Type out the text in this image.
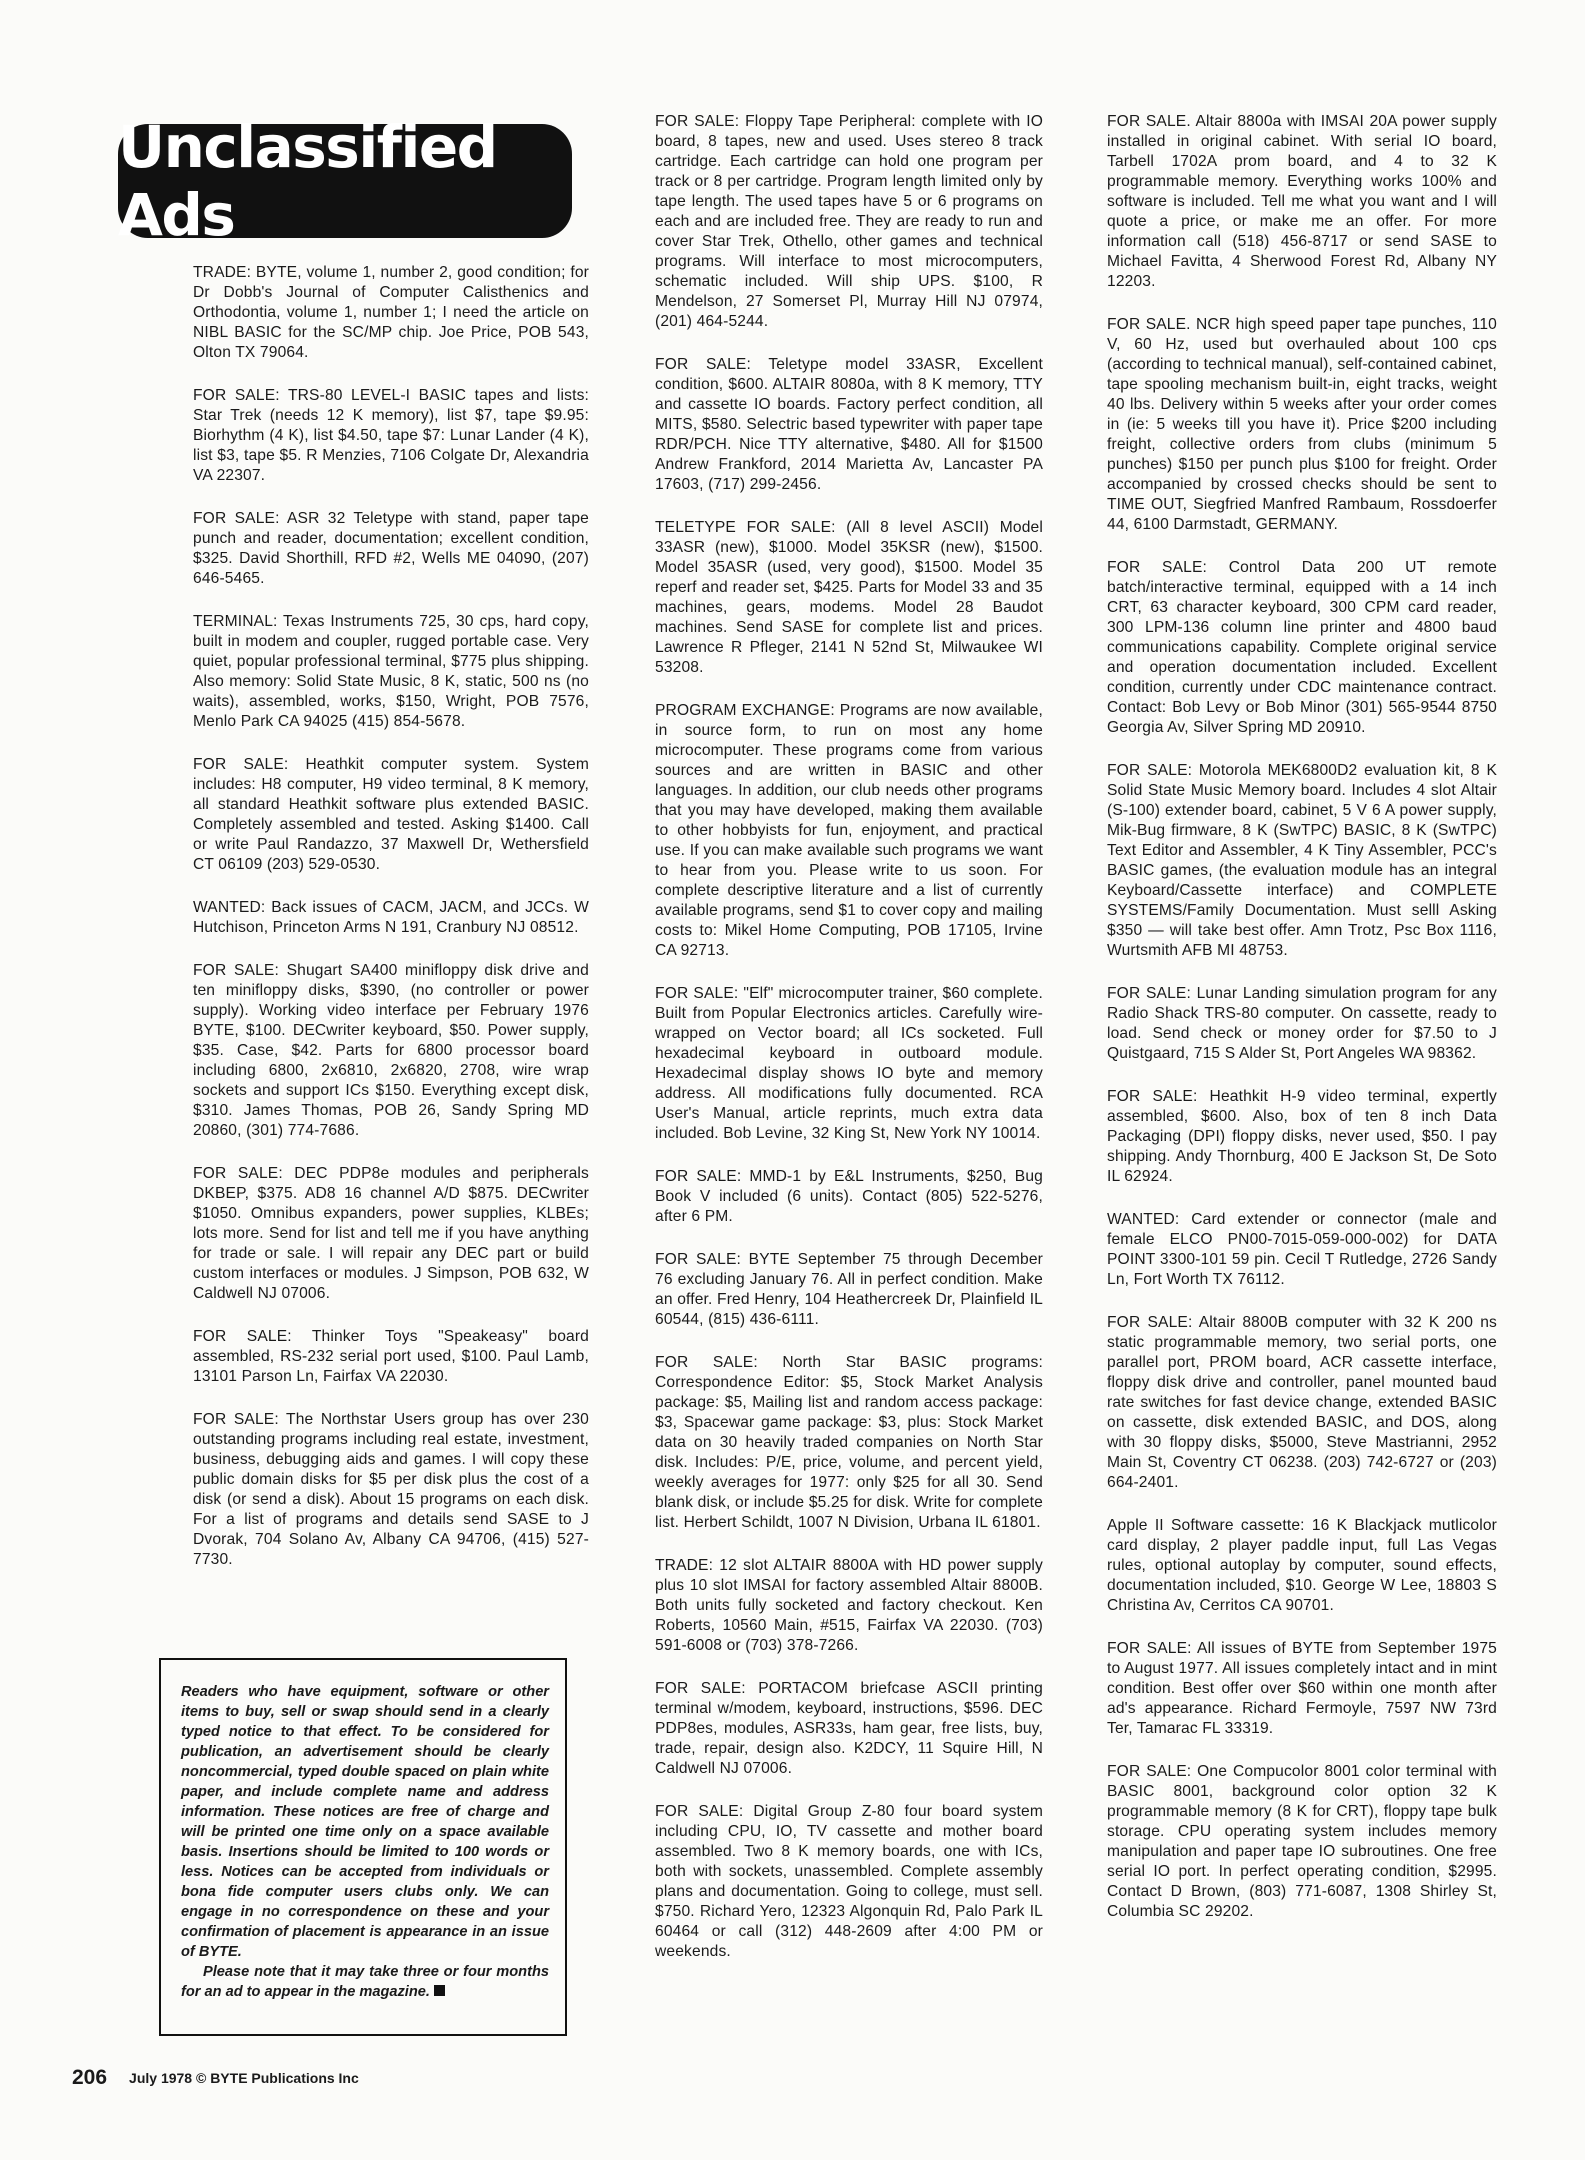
Unclassified Ads

TRADE: BYTE, volume 1, number 2, good condition; for Dr Dobb's Journal of Computer Calisthenics and Orthodontia, volume 1, number 1; I need the article on NIBL BASIC for the SC/MP chip. Joe Price, POB 543, Olton TX 79064.

FOR SALE: TRS-80 LEVEL-I BASIC tapes and lists: Star Trek (needs 12 K memory), list $7, tape $9.95: Biorhythm (4 K), list $4.50, tape $7: Lunar Lander (4 K), list $3, tape $5. R Menzies, 7106 Colgate Dr, Alexandria VA 22307.

FOR SALE: ASR 32 Teletype with stand, paper tape punch and reader, documentation; excellent condition, $325. David Shorthill, RFD #2, Wells ME 04090, (207) 646-5465.

TERMINAL: Texas Instruments 725, 30 cps, hard copy, built in modem and coupler, rugged portable case. Very quiet, popular professional terminal, $775 plus shipping. Also memory: Solid State Music, 8 K, static, 500 ns (no waits), assembled, works, $150, Wright, POB 7576, Menlo Park CA 94025 (415) 854-5678.

FOR SALE: Heathkit computer system. System includes: H8 computer, H9 video terminal, 8 K memory, all standard Heathkit software plus extended BASIC. Completely assembled and tested. Asking $1400. Call or write Paul Randazzo, 37 Maxwell Dr, Wethersfield CT 06109 (203) 529-0530.

WANTED: Back issues of CACM, JACM, and JCCs. W Hutchison, Princeton Arms N 191, Cranbury NJ 08512.

FOR SALE: Shugart SA400 minifloppy disk drive and ten minifloppy disks, $390, (no controller or power supply). Working video interface per February 1976 BYTE, $100. DECwriter keyboard, $50. Power supply, $35. Case, $42. Parts for 6800 processor board including 6800, 2x6810, 2x6820, 2708, wire wrap sockets and support ICs $150. Everything except disk, $310. James Thomas, POB 26, Sandy Spring MD 20860, (301) 774-7686.

FOR SALE: DEC PDP8e modules and peripherals DKBEP, $375. AD8 16 channel A/D $875. DECwriter $1050. Omnibus expanders, power supplies, KLBEs; lots more. Send for list and tell me if you have anything for trade or sale. I will repair any DEC part or build custom interfaces or modules. J Simpson, POB 632, W Caldwell NJ 07006.

FOR SALE: Thinker Toys "Speakeasy" board assembled, RS-232 serial port used, $100. Paul Lamb, 13101 Parson Ln, Fairfax VA 22030.

FOR SALE: The Northstar Users group has over 230 outstanding programs including real estate, investment, business, debugging aids and games. I will copy these public domain disks for $5 per disk plus the cost of a disk (or send a disk). About 15 programs on each disk. For a list of programs and details send SASE to J Dvorak, 704 Solano Av, Albany CA 94706, (415) 527-7730.

Readers who have equipment, software or other items to buy, sell or swap should send in a clearly typed notice to that effect. To be considered for publication, an advertisement should be clearly noncommercial, typed double spaced on plain white paper, and include complete name and address information. These notices are free of charge and will be printed one time only on a space available basis. Insertions should be limited to 100 words or less. Notices can be accepted from individuals or bona fide computer users clubs only. We can engage in no correspondence on these and your confirmation of placement is appearance in an issue of BYTE.

Please note that it may take three or four months for an ad to appear in the magazine.

FOR SALE: Floppy Tape Peripheral: complete with IO board, 8 tapes, new and used. Uses stereo 8 track cartridge. Each cartridge can hold one program per track or 8 per cartridge. Program length limited only by tape length. The used tapes have 5 or 6 programs on each and are included free. They are ready to run and cover Star Trek, Othello, other games and technical programs. Will interface to most microcomputers, schematic included. Will ship UPS. $100, R Mendelson, 27 Somerset Pl, Murray Hill NJ 07974, (201) 464-5244.

FOR SALE: Teletype model 33ASR, Excellent condition, $600. ALTAIR 8080a, with 8 K memory, TTY and cassette IO boards. Factory perfect condition, all MITS, $580. Selectric based typewriter with paper tape RDR/PCH. Nice TTY alternative, $480. All for $1500 Andrew Frankford, 2014 Marietta Av, Lancaster PA 17603, (717) 299-2456.

TELETYPE FOR SALE: (All 8 level ASCII) Model 33ASR (new), $1000. Model 35KSR (new), $1500. Model 35ASR (used, very good), $1500. Model 35 reperf and reader set, $425. Parts for Model 33 and 35 machines, gears, modems. Model 28 Baudot machines. Send SASE for complete list and prices. Lawrence R Pfleger, 2141 N 52nd St, Milwaukee WI 53208.

PROGRAM EXCHANGE: Programs are now available, in source form, to run on most any home microcomputer. These programs come from various sources and are written in BASIC and other languages. In addition, our club needs other programs that you may have developed, making them available to other hobbyists for fun, enjoyment, and practical use. If you can make available such programs we want to hear from you. Please write to us soon. For complete descriptive literature and a list of currently available programs, send $1 to cover copy and mailing costs to: Mikel Home Computing, POB 17105, Irvine CA 92713.

FOR SALE: "Elf" microcomputer trainer, $60 complete. Built from Popular Electronics articles. Carefully wire-wrapped on Vector board; all ICs socketed. Full hexadecimal keyboard in outboard module. Hexadecimal display shows IO byte and memory address. All modifications fully documented. RCA User's Manual, article reprints, much extra data included. Bob Levine, 32 King St, New York NY 10014.

FOR SALE: MMD-1 by E&L Instruments, $250, Bug Book V included (6 units). Contact (805) 522-5276, after 6 PM.

FOR SALE: BYTE September 75 through December 76 excluding January 76. All in perfect condition. Make an offer. Fred Henry, 104 Heathercreek Dr, Plainfield IL 60544, (815) 436-6111.

FOR SALE: North Star BASIC programs: Correspondence Editor: $5, Stock Market Analysis package: $5, Mailing list and random access package: $3, Spacewar game package: $3, plus: Stock Market data on 30 heavily traded companies on North Star disk. Includes: P/E, price, volume, and percent yield, weekly averages for 1977: only $25 for all 30. Send blank disk, or include $5.25 for disk. Write for complete list. Herbert Schildt, 1007 N Division, Urbana IL 61801.

TRADE: 12 slot ALTAIR 8800A with HD power supply plus 10 slot IMSAI for factory assembled Altair 8800B. Both units fully socketed and factory checkout. Ken Roberts, 10560 Main, #515, Fairfax VA 22030. (703) 591-6008 or (703) 378-7266.

FOR SALE: PORTACOM briefcase ASCII printing terminal w/modem, keyboard, instructions, $596. DEC PDP8es, modules, ASR33s, ham gear, free lists, buy, trade, repair, design also. K2DCY, 11 Squire Hill, N Caldwell NJ 07006.

FOR SALE: Digital Group Z-80 four board system including CPU, IO, TV cassette and mother board assembled. Two 8 K memory boards, one with ICs, both with sockets, unassembled. Complete assembly plans and documentation. Going to college, must sell. $750. Richard Yero, 12323 Algonquin Rd, Palo Park IL 60464 or call (312) 448-2609 after 4:00 PM or weekends.

FOR SALE. Altair 8800a with IMSAI 20A power supply installed in original cabinet. With serial IO board, Tarbell 1702A prom board, and 4 to 32 K programmable memory. Everything works 100% and software is included. Tell me what you want and I will quote a price, or make me an offer. For more information call (518) 456-8717 or send SASE to Michael Favitta, 4 Sherwood Forest Rd, Albany NY 12203.

FOR SALE. NCR high speed paper tape punches, 110 V, 60 Hz, used but overhauled about 100 cps (according to technical manual), self-contained cabinet, tape spooling mechanism built-in, eight tracks, weight 40 lbs. Delivery within 5 weeks after your order comes in (ie: 5 weeks till you have it). Price $200 including freight, collective orders from clubs (minimum 5 punches) $150 per punch plus $100 for freight. Order accompanied by crossed checks should be sent to TIME OUT, Siegfried Manfred Rambaum, Rossdoerfer 44, 6100 Darmstadt, GERMANY.

FOR SALE: Control Data 200 UT remote batch/interactive terminal, equipped with a 14 inch CRT, 63 character keyboard, 300 CPM card reader, 300 LPM-136 column line printer and 4800 baud communications capability. Complete original service and operation documentation included. Excellent condition, currently under CDC maintenance contract. Contact: Bob Levy or Bob Minor (301) 565-9544 8750 Georgia Av, Silver Spring MD 20910.

FOR SALE: Motorola MEK6800D2 evaluation kit, 8 K Solid State Music Memory board. Includes 4 slot Altair (S-100) extender board, cabinet, 5 V 6 A power supply, Mik-Bug firmware, 8 K (SwTPC) BASIC, 8 K (SwTPC) Text Editor and Assembler, 4 K Tiny Assembler, PCC's BASIC games, (the evaluation module has an integral Keyboard/Cassette interface) and COMPLETE SYSTEMS/Family Documentation. Must selll Asking $350 — will take best offer. Amn Trotz, Psc Box 1116, Wurtsmith AFB MI 48753.

FOR SALE: Lunar Landing simulation program for any Radio Shack TRS-80 computer. On cassette, ready to load. Send check or money order for $7.50 to J Quistgaard, 715 S Alder St, Port Angeles WA 98362.

FOR SALE: Heathkit H-9 video terminal, expertly assembled, $600. Also, box of ten 8 inch Data Packaging (DPI) floppy disks, never used, $50. I pay shipping. Andy Thornburg, 400 E Jackson St, De Soto IL 62924.

WANTED: Card extender or connector (male and female ELCO PN00-7015-059-000-002) for DATA POINT 3300-101 59 pin. Cecil T Rutledge, 2726 Sandy Ln, Fort Worth TX 76112.

FOR SALE: Altair 8800B computer with 32 K 200 ns static programmable memory, two serial ports, one parallel port, PROM board, ACR cassette interface, floppy disk drive and controller, panel mounted baud rate switches for fast device change, extended BASIC on cassette, disk extended BASIC, and DOS, along with 30 floppy disks, $5000, Steve Mastrianni, 2952 Main St, Coventry CT 06238. (203) 742-6727 or (203) 664-2401.

Apple II Software cassette: 16 K Blackjack mutlicolor card display, 2 player paddle input, full Las Vegas rules, optional autoplay by computer, sound effects, documentation included, $10. George W Lee, 18803 S Christina Av, Cerritos CA 90701.

FOR SALE: All issues of BYTE from September 1975 to August 1977. All issues completely intact and in mint condition. Best offer over $60 within one month after ad's appearance. Richard Fermoyle, 7597 NW 73rd Ter, Tamarac FL 33319.

FOR SALE: One Compucolor 8001 color terminal with BASIC 8001, background color option 32 K programmable memory (8 K for CRT), floppy tape bulk storage. CPU operating system includes memory manipulation and paper tape IO subroutines. One free serial IO port. In perfect operating condition, $2995. Contact D Brown, (803) 771-6087, 1308 Shirley St, Columbia SC 29202.

206 July 1978 © BYTE Publications Inc
